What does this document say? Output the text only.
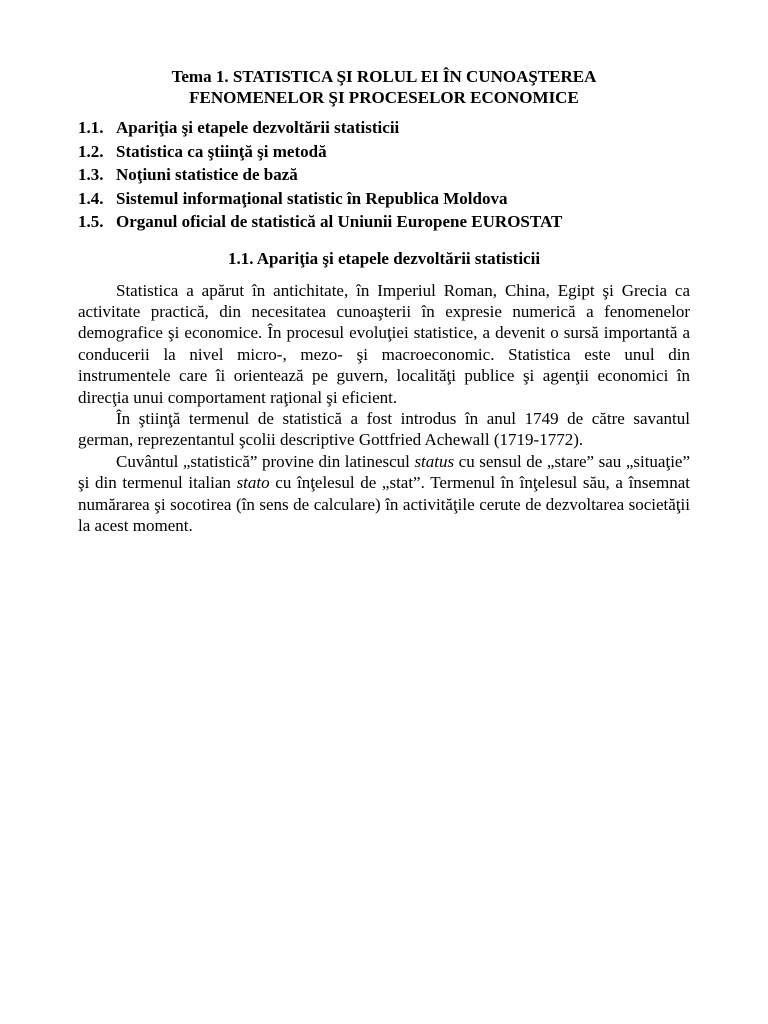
Tema 1. STATISTICA ŞI ROLUL EI ÎN CUNOAŞTEREA
FENOMENELOR ŞI PROCESELOR ECONOMICE
1.1. Apariţia şi etapele dezvoltării statisticii
1.2. Statistica ca ştiinţă şi metodă
1.3. Noţiuni statistice de bază
1.4. Sistemul informaţional statistic în Republica Moldova
1.5. Organul oficial de statistică al Uniunii Europene EUROSTAT
1.1. Apariţia şi etapele dezvoltării statisticii

Statistica a apărut în antichitate, în Imperiul Roman, China, Egipt şi Grecia ca activitate practică, din necesitatea cunoaşterii în expresie numerică a fenomenelor demografice şi economice. În procesul evoluţiei statistice, a devenit o sursă importantă a conducerii la nivel micro-, mezo- şi macroeconomic. Statistica este unul din instrumentele care îi orientează pe guvern, localităţi publice şi agenţii economici în direcţia unui comportament raţional şi eficient.

În ştiinţă termenul de statistică a fost introdus în anul 1749 de către savantul german, reprezentantul şcolii descriptive Gottfried Achewall (1719-1772).

Cuvântul „statistică” provine din latinescul status cu sensul de „stare” sau „situaţie” şi din termenul italian stato cu înţelesul de „stat”. Termenul în înţelesul său, a însemnat numărarea şi socotirea (în sens de calculare) în activităţile cerute de dezvoltarea societăţii la acest moment.
